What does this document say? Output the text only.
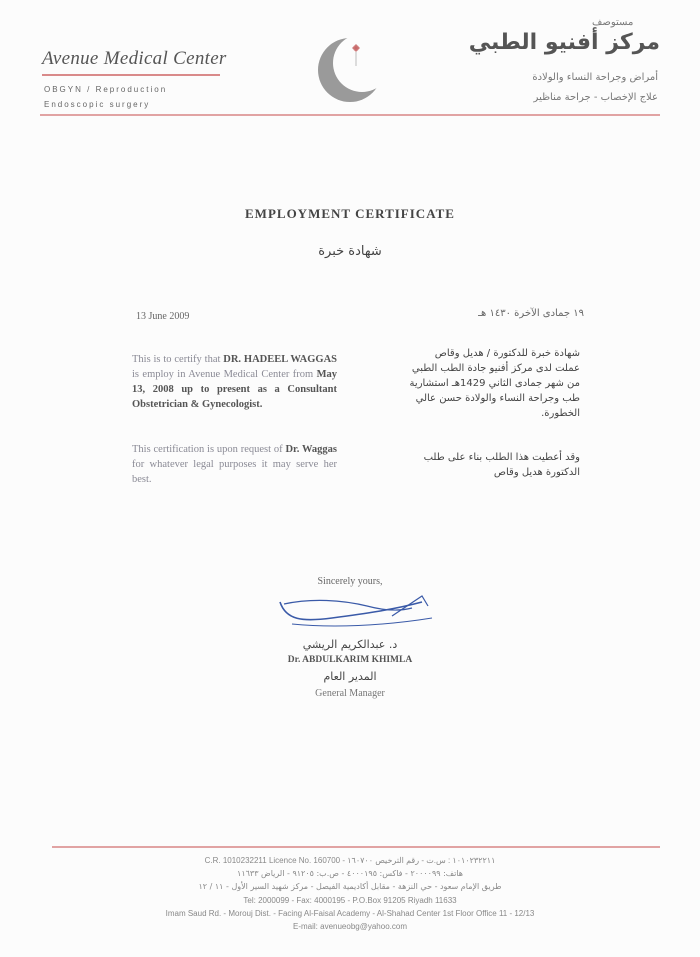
Avenue Medical Center
OBGYN / Reproduction
Endoscopic surgery
مستوصف
مركز أفنيو الطبي
أمراض وجراحة النساء والولادة
علاج الإخصاب - جراحة مناظير
EMPLOYMENT CERTIFICATE
شهادة خبرة
13 June 2009	١٩ جمادى الآخرة ١٤٣٠ هـ
This is to certify that DR. HADEEL WAGGAS is employ in Avenue Medical Center from May 13, 2008 up to present as a Consultant Obstetrician & Gynecologist.
This certification is upon request of Dr. Waggas for whatever legal purposes it may serve her best.
شهادة خبرة للدكتورة / هديل وقاص
عملت لدى مركز أفنيو جادة الطب الطبي
من شهر جمادى الثاني 1429هـ استشارية
طب وجراحة النساء والولادة حسن عالي
الخطورة.
وقد أعطيت هذا الطلب بناء على طلب
الدكتورة هديل وقاص
Sincerely yours,
د. عبدالكريم الريشي
Dr. ABDULKARIM KHIMLA
المدير العام
General Manager
C.R. 1010232211 Licence No. 160700 - ١٠١٠٢٣٢٢١١ : س.ت - رقم الترخيص ١٦٠٧٠٠
هاتف: ٢٠٠٠٠٩٩ - فاكس: ٤٠٠٠١٩٥ - ص.ب: ٩١٢٠٥ - الرياض ١١٦٣٣
طريق الإمام سعود - حي النزهة - مقابل أكاديمية الفيصل - مركز شهيد السير الأول - ١١ / ١٢
Tel: 2000099 - Fax: 4000195 - P.O.Box 91205 Riyadh 11633
Imam Saud Rd. - Morouj Dist. - Facing Al-Faisal Academy - Al-Shahad Center 1st Floor Office 11 - 12/13
E-mail: avenueobg@yahoo.com
